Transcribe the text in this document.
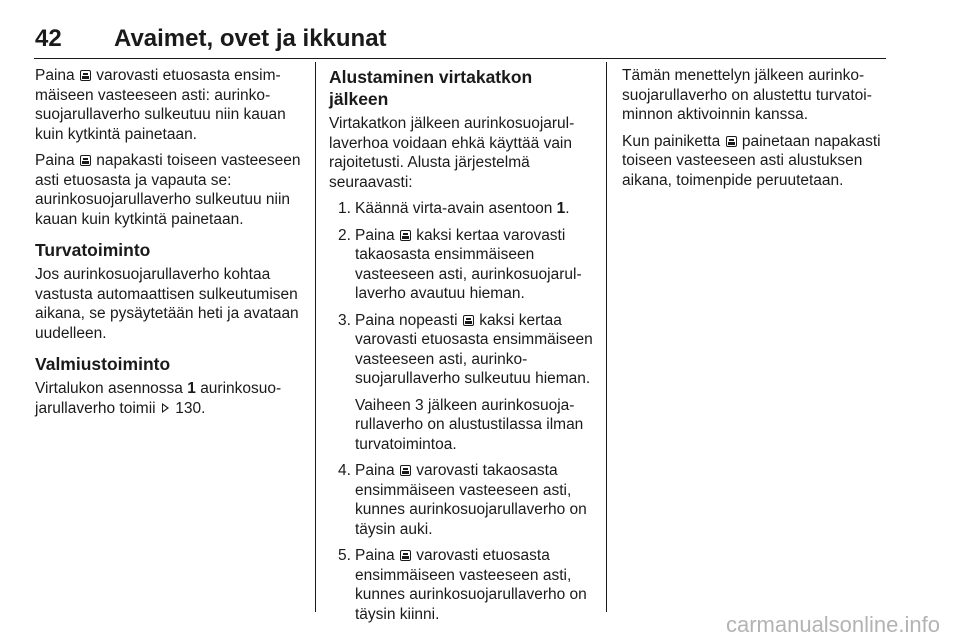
42 Avaimet, ovet ja ikkunat

Paina varovasti etuosasta ensimmäiseen vasteeseen asti: aurinkosuojarullaverho sulkeutuu niin kauan kuin kytkintä painetaan.

Paina napakasti toiseen vasteeseen asti etuosasta ja vapauta se: aurinkosuojarullaverho sulkeutuu niin kauan kuin kytkintä painetaan.

Turvatoiminto

Jos aurinkosuojarullaverho kohtaa vastusta automaattisen sulkeutumisen aikana, se pysäytetään heti ja avataan uudelleen.

Valmiustoiminto

Virtalukon asennossa 1 aurinkosuojarullaverho toimii 130.

Alustaminen virtakatkon jälkeen

Virtakatkon jälkeen aurinkosuojarullaverhoa voidaan ehkä käyttää vain rajoitetusti. Alusta järjestelmä seuraavasti:

1. Käännä virta-avain asentoon 1.
2. Paina kaksi kertaa varovasti takaosasta ensimmäiseen vasteeseen asti, aurinkosuojarullaverho avautuu hieman.
3. Paina nopeasti kaksi kertaa varovasti etuosasta ensimmäiseen vasteeseen asti, aurinkosuojarullaverho sulkeutuu hieman.
Vaiheen 3 jälkeen aurinkosuojarullaverho on alustustilassa ilman turvatoimintoa.
4. Paina varovasti takaosasta ensimmäiseen vasteeseen asti, kunnes aurinkosuojarullaverho on täysin auki.
5. Paina varovasti etuosasta ensimmäiseen vasteeseen asti, kunnes aurinkosuojarullaverho on täysin kiinni.

Tämän menettelyn jälkeen aurinkosuojarullaverho on alustettu turvatoiminnon aktivoinnin kanssa.

Kun painiketta painetaan napakasti toiseen vasteeseen asti alustuksen aikana, toimenpide peruutetaan.

carmanualsonline.info
